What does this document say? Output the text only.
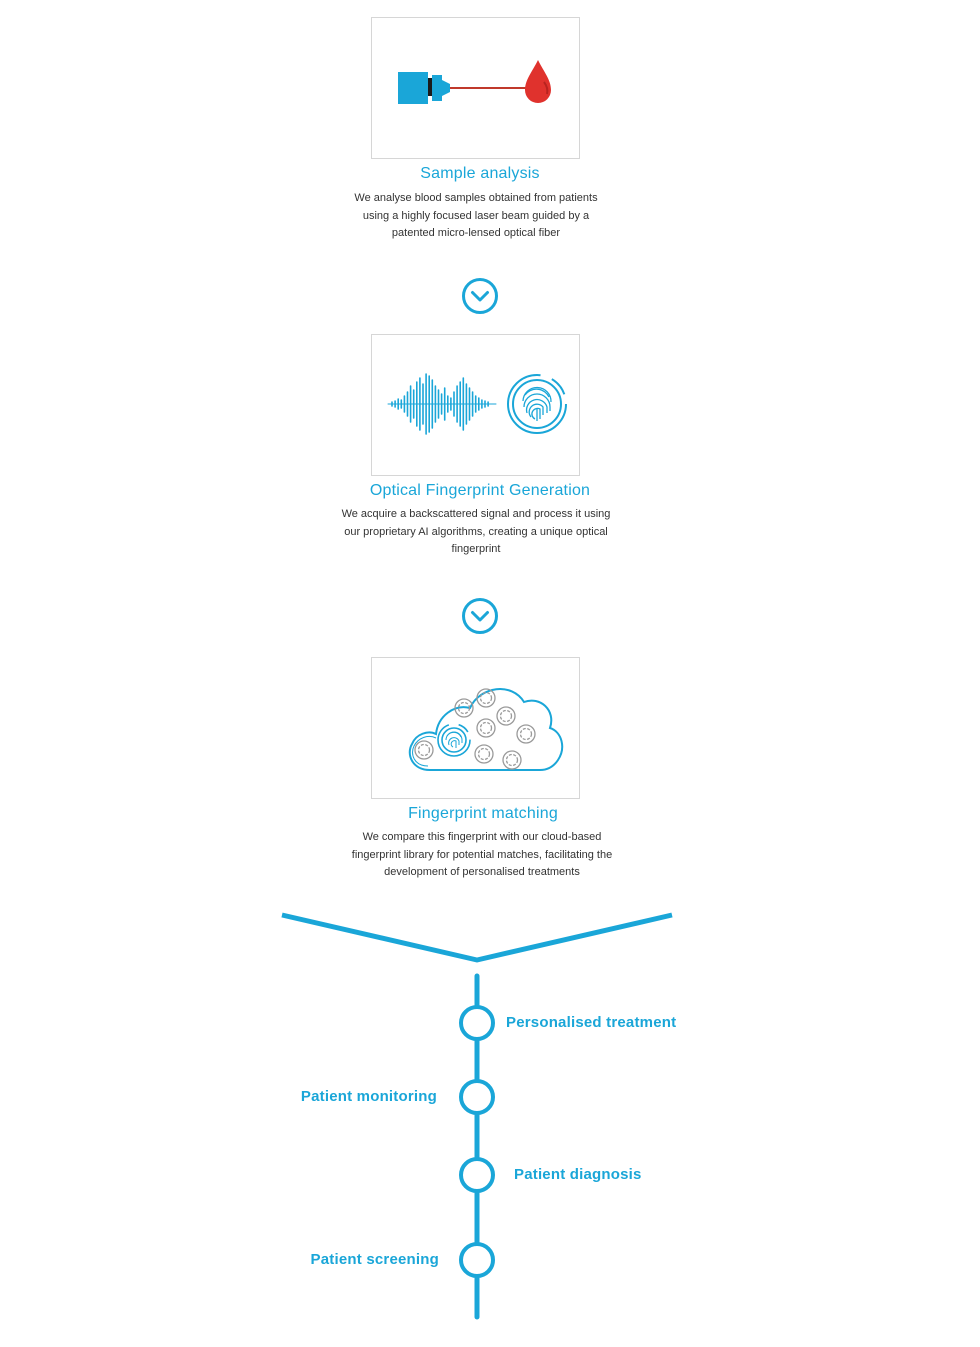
Sample analysis
We analyse blood samples obtained from patients using a highly focused laser beam guided by a patented micro-lensed optical fiber
Optical Fingerprint Generation
We acquire a backscattered signal and process it using our proprietary AI algorithms, creating a unique optical fingerprint
Fingerprint matching
We compare this fingerprint with our cloud-based fingerprint library for potential matches, facilitating the development of personalised treatments
Personalised treatment
Patient monitoring
Patient diagnosis
Patient screening
